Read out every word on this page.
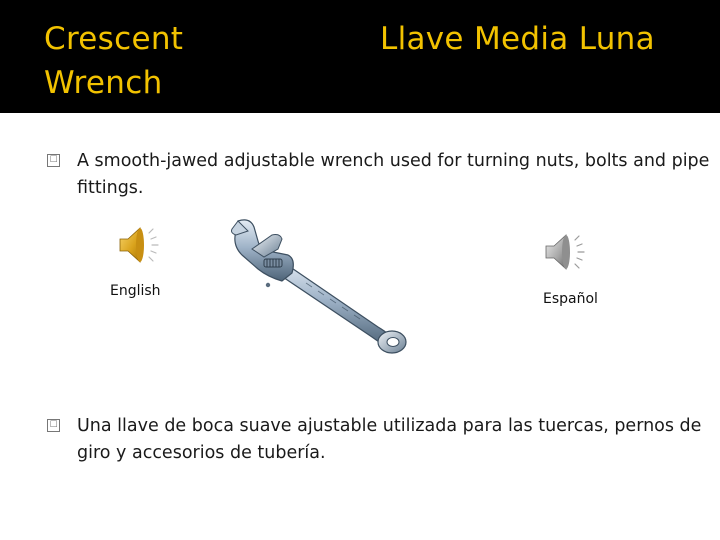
Crescent Wrench
Llave Media Luna
☐ A smooth-jawed adjustable wrench used for turning nuts, bolts and pipe fittings.
English	Español
☐ Una llave de boca suave ajustable utilizada para las tuercas, pernos de giro y accesorios de tubería.
